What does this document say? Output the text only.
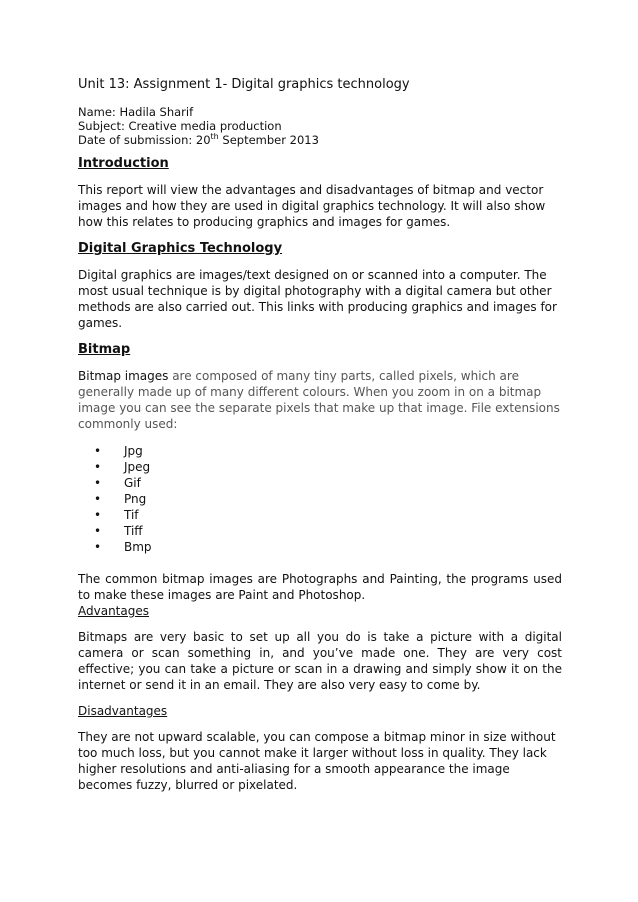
Unit 13: Assignment 1- Digital graphics technology
Name: Hadila Sharif
Subject: Creative media production
Date of submission: 20th September 2013
Introduction

This report will view the advantages and disadvantages of bitmap and vector images and how they are used in digital graphics technology. It will also show how this relates to producing graphics and images for games.

Digital Graphics Technology

Digital graphics are images/text designed on or scanned into a computer. The most usual technique is by digital photography with a digital camera but other methods are also carried out. This links with producing graphics and images for games.

Bitmap

Bitmap images are composed of many tiny parts, called pixels, which are generally made up of many different colours. When you zoom in on a bitmap image you can see the separate pixels that make up that image. File extensions commonly used:

• Jpg
• Jpeg
• Gif
• Png
• Tif
• Tiff
• Bmp

The common bitmap images are Photographs and Painting, the programs used to make these images are Paint and Photoshop.

Advantages

Bitmaps are very basic to set up all you do is take a picture with a digital camera or scan something in, and you’ve made one. They are very cost effective; you can take a picture or scan in a drawing and simply show it on the internet or send it in an email. They are also very easy to come by.

Disadvantages

They are not upward scalable, you can compose a bitmap minor in size without too much loss, but you cannot make it larger without loss in quality. They lack higher resolutions and anti-aliasing for a smooth appearance the image becomes fuzzy, blurred or pixelated.
